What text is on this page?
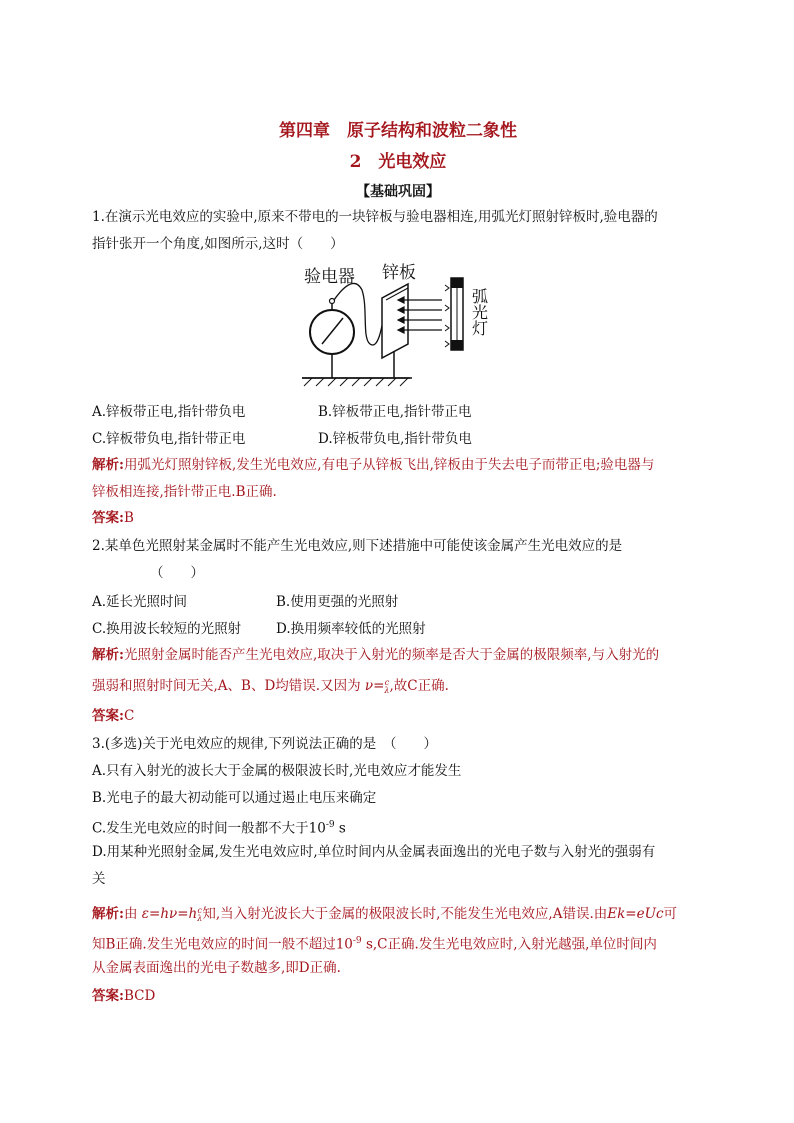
第四章　原子结构和波粒二象性
2　光电效应
【基础巩固】
1.在演示光电效应的实验中,原来不带电的一块锌板与验电器相连,用弧光灯照射锌板时,验电器的
指针张开一个角度,如图所示,这时（　　）
验电器 锌板
弧
光
灯
A.锌板带正电,指针带负电	B.锌板带正电,指针带正电
C.锌板带负电,指针带正电	D.锌板带负电,指针带负电
解析:用弧光灯照射锌板,发生光电效应,有电子从锌板飞出,锌板由于失去电子而带正电;验电器与
锌板相连接,指针带正电.B正确.
答案:B
2.某单色光照射某金属时不能产生光电效应,则下述措施中可能使该金属产生光电效应的是
（　　）
A.延长光照时间	B.使用更强的光照射
C.换用波长较短的光照射	D.换用频率较低的光照射
解析:光照射金属时能否产生光电效应,取决于入射光的频率是否大于金属的极限频率,与入射光的
强弱和照射时间无关,A、B、D均错误.又因为 ν=c
λ,故C正确.
答案:C
3.(多选)关于光电效应的规律,下列说法正确的是　（　　）
A.只有入射光的波长大于金属的极限波长时,光电效应才能发生
B.光电子的最大初动能可以通过遏止电压来确定
C.发生光电效应的时间一般都不大于$10^{-9}$ s
D.用某种光照射金属,发生光电效应时,单位时间内从金属表面逸出的光电子数与入射光的强弱有
关
解析:由 ε=hν=hc
λ知,当入射光波长大于金属的极限波长时,不能发生光电效应,A错误.由Ek=eUc可
知B正确.发生光电效应的时间一般不超过$10^{-9}$ s,C正确.发生光电效应时,入射光越强,单位时间内
从金属表面逸出的光电子数越多,即D正确.
答案:BCD
